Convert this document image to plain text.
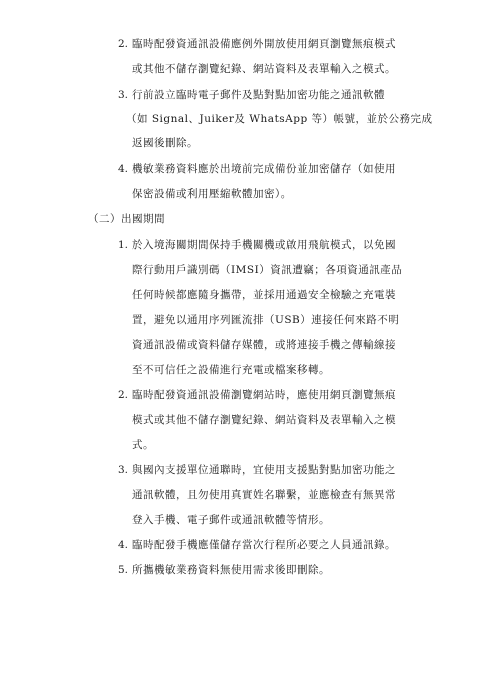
2. 臨時配發資通訊設備應例外開放使用網頁瀏覽無痕模式
或其他不儲存瀏覽紀錄、網站資料及表單輸入之模式。
3. 行前設立臨時電子郵件及點對點加密功能之通訊軟體
（如 Signal、Juiker及 WhatsApp 等）帳號，並於公務完成
返國後刪除。
4. 機敏業務資料應於出境前完成備份並加密儲存（如使用
保密設備或利用壓縮軟體加密）。
（二）出國期間
1. 於入境海關期間保持手機關機或啟用飛航模式，以免國
際行動用戶識別碼（IMSI）資訊遭竊；各項資通訊產品
任何時候都應隨身攜帶，並採用通過安全檢驗之充電裝
置，避免以通用序列匯流排（USB）連接任何來路不明
資通訊設備或資料儲存媒體，或將連接手機之傳輸線接
至不可信任之設備進行充電或檔案移轉。
2. 臨時配發資通訊設備瀏覽網站時，應使用網頁瀏覽無痕
模式或其他不儲存瀏覽紀錄、網站資料及表單輸入之模
式。
3. 與國內支援單位通聯時，宜使用支援點對點加密功能之
通訊軟體，且勿使用真實姓名聯繫，並應檢查有無異常
登入手機、電子郵件或通訊軟體等情形。
4. 臨時配發手機應僅儲存當次行程所必要之人員通訊錄。
5. 所攜機敏業務資料無使用需求後即刪除。
